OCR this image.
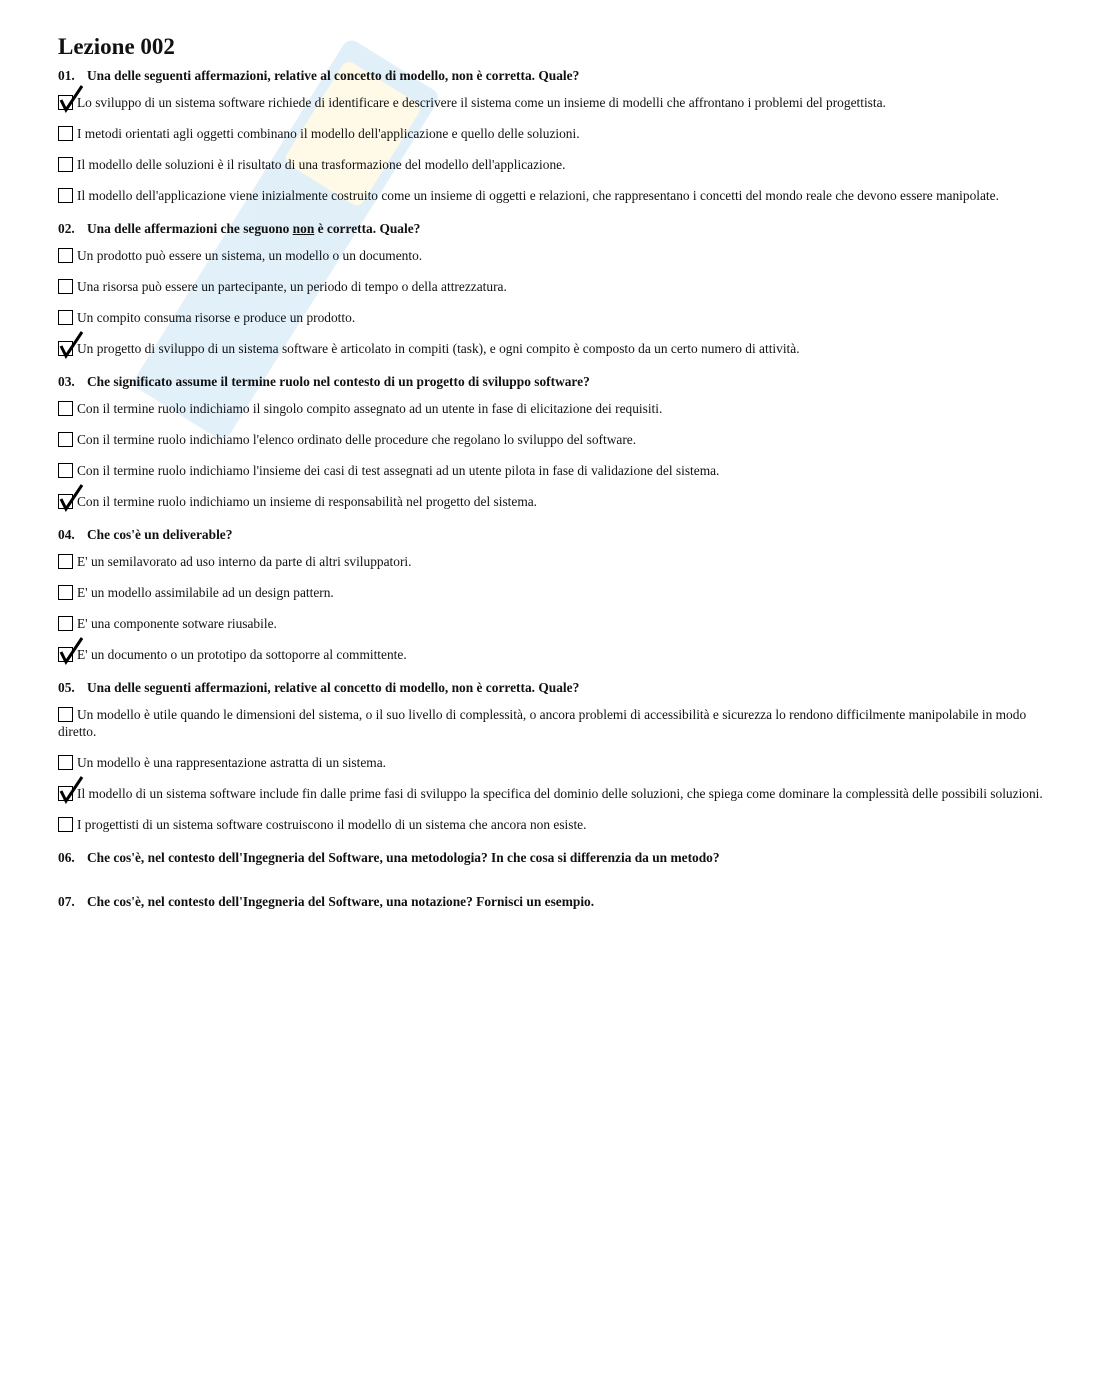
Lezione 002
01. Una delle seguenti affermazioni, relative al concetto di modello, non è corretta. Quale?
Lo sviluppo di un sistema software richiede di identificare e descrivere il sistema come un insieme di modelli che affrontano i problemi del progettista.
I metodi orientati agli oggetti combinano il modello dell'applicazione e quello delle soluzioni.
Il modello delle soluzioni è il risultato di una trasformazione del modello dell'applicazione.
Il modello dell'applicazione viene inizialmente costruito come un insieme di oggetti e relazioni, che rappresentano i concetti del mondo reale che devono essere manipolate.
02. Una delle affermazioni che seguono non è corretta. Quale?
Un prodotto può essere un sistema, un modello o un documento.
Una risorsa può essere un partecipante, un periodo di tempo o della attrezzatura.
Un compito consuma risorse e produce un prodotto.
Un progetto di sviluppo di un sistema software è articolato in compiti (task), e ogni compito è composto da un certo numero di attività.
03. Che significato assume il termine ruolo nel contesto di un progetto di sviluppo software?
Con il termine ruolo indichiamo il singolo compito assegnato ad un utente in fase di elicitazione dei requisiti.
Con il termine ruolo indichiamo l'elenco ordinato delle procedure che regolano lo sviluppo del software.
Con il termine ruolo indichiamo l'insieme dei casi di test assegnati ad un utente pilota in fase di validazione del sistema.
Con il termine ruolo indichiamo un insieme di responsabilità nel progetto del sistema.
04. Che cos'è un deliverable?
E' un semilavorato ad uso interno da parte di altri sviluppatori.
E' un modello assimilabile ad un design pattern.
E' una componente sotware riusabile.
E' un documento o un prototipo da sottoporre al committente.
05. Una delle seguenti affermazioni, relative al concetto di modello, non è corretta. Quale?
Un modello è utile quando le dimensioni del sistema, o il suo livello di complessità, o ancora problemi di accessibilità e sicurezza lo rendono difficilmente manipolabile in modo diretto.
Un modello è una rappresentazione astratta di un sistema.
Il modello di un sistema software include fin dalle prime fasi di sviluppo la specifica del dominio delle soluzioni, che spiega come dominare la complessità delle possibili soluzioni.
I progettisti di un sistema software costruiscono il modello di un sistema che ancora non esiste.
06. Che cos'è, nel contesto dell'Ingegneria del Software, una metodologia? In che cosa si differenzia da un metodo?
07. Che cos'è, nel contesto dell'Ingegneria del Software, una notazione? Fornisci un esempio.
